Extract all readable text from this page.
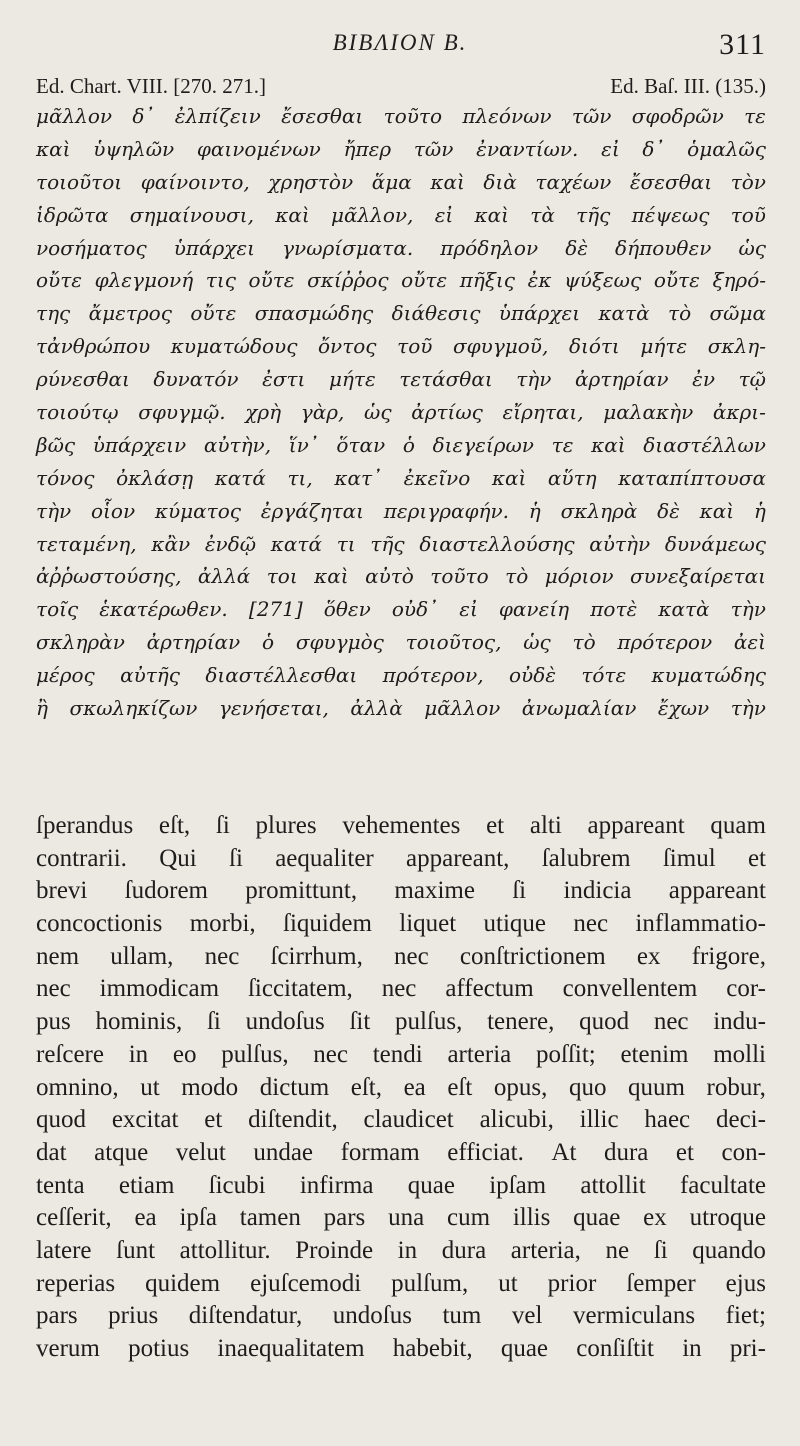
ΒΙΒΛΙΟΝ Β.	311
Ed. Chart. VIII. [270. 271.]	Ed. Baſ. III. (135.)
μᾶλλον δ᾽ ἐλπίζειν ἔσεσθαι τοῦτο πλεόνων τῶν σφοδρῶν τε
καὶ ὑψηλῶν φαινομένων ἤπερ τῶν ἐναντίων. εἰ δ᾽ ὁμαλῶς
τοιοῦτοι φαίνοιντο, χρηστὸν ἅμα καὶ διὰ ταχέων ἔσεσθαι τὸν
ἱδρῶτα σημαίνουσι, καὶ μᾶλλον, εἰ καὶ τὰ τῆς πέψεως τοῦ
νοσήματος ὑπάρχει γνωρίσματα. πρόδηλον δὲ δήπουθεν ὡς
οὔτε φλεγμονή τις οὔτε σκίῤῥος οὔτε πῆξις ἐκ ψύξεως οὔτε ξηρό-
της ἄμετρος οὔτε σπασμώδης διάθεσις ὑπάρχει κατὰ τὸ σῶμα
τἀνθρώπου κυματώδους ὄντος τοῦ σφυγμοῦ, διότι μήτε σκλη-
ρύνεσθαι δυνατόν ἐστι μήτε τετάσθαι τὴν ἀρτηρίαν ἐν τῷ
τοιούτῳ σφυγμῷ. χρὴ γὰρ, ὡς ἀρτίως εἴρηται, μαλακὴν ἀκρι-
βῶς ὑπάρχειν αὐτὴν, ἵν᾽ ὅταν ὁ διεγείρων τε καὶ διαστέλλων
τόνος ὀκλάσῃ κατά τι, κατ᾽ ἐκεῖνο καὶ αὕτη καταπίπτουσα
τὴν οἷον κύματος ἐργάζηται περιγραφήν. ἡ σκληρὰ δὲ καὶ ἡ
τεταμένη, κἂν ἐνδῷ κατά τι τῆς διαστελλούσης αὐτὴν δυνάμεως
ἀῤῥωστούσης, ἀλλά τοι καὶ αὐτὸ τοῦτο τὸ μόριον συνεξαίρεται
τοῖς ἑκατέρωθεν. [271] ὅθεν οὐδ᾽ εἰ φανείη ποτὲ κατὰ τὴν
σκληρὰν ἀρτηρίαν ὁ σφυγμὸς τοιοῦτος, ὡς τὸ πρότερον ἀεὶ
μέρος αὐτῆς διαστέλλεσθαι πρότερον, οὐδὲ τότε κυματώδης
ἢ σκωληκίζων γενήσεται, ἀλλὰ μᾶλλον ἀνωμαλίαν ἔχων τὴν
ſperandus eſt, ſi plures vehementes et alti appareant quam
contrarii. Qui ſi aequaliter appareant, ſalubrem ſimul et
brevi ſudorem promittunt, maxime ſi indicia appareant
concoctionis morbi, ſiquidem liquet utique nec inflammatio-
nem ullam, nec ſcirrhum, nec conſtrictionem ex frigore,
nec immodicam ſiccitatem, nec affectum convellentem cor-
pus hominis, ſi undoſus ſit pulſus, tenere, quod nec indu-
reſcere in eo pulſus, nec tendi arteria poſſit; etenim molli
omnino, ut modo dictum eſt, ea eſt opus, quo quum robur,
quod excitat et diſtendit, claudicet alicubi, illic haec deci-
dat atque velut undae formam efficiat. At dura et con-
tenta etiam ſicubi infirma quae ipſam attollit facultate
ceſſerit, ea ipſa tamen pars una cum illis quae ex utroque
latere ſunt attollitur. Proinde in dura arteria, ne ſi quando
reperias quidem ejuſcemodi pulſum, ut prior ſemper ejus
pars prius diſtendatur, undoſus tum vel vermiculans fiet;
verum potius inaequalitatem habebit, quae conſiſtit in pri-
